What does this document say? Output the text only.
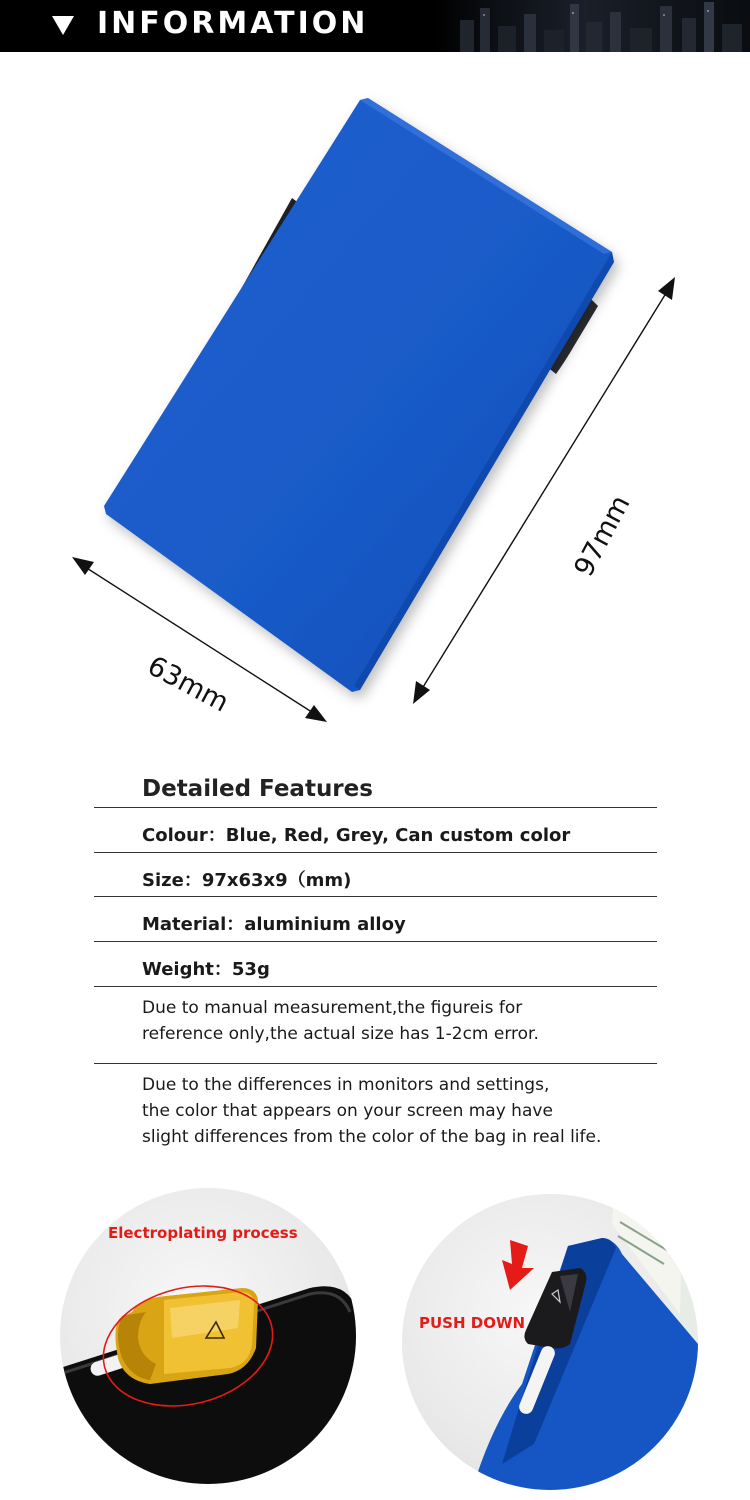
INFORMATION
97mm
63mm
Detailed Features
Colour：Blue, Red, Grey, Can custom color
Size：97x63x9（mm)
Material：aluminium alloy
Weight：53g
Due to manual measurement,the figureis for
reference only,the actual size has 1-2cm error.
Due to the differences in monitors and settings,
the color that appears on your screen may have
slight differences from the color of the bag in real life.
Electroplating process
PUSH DOWN
